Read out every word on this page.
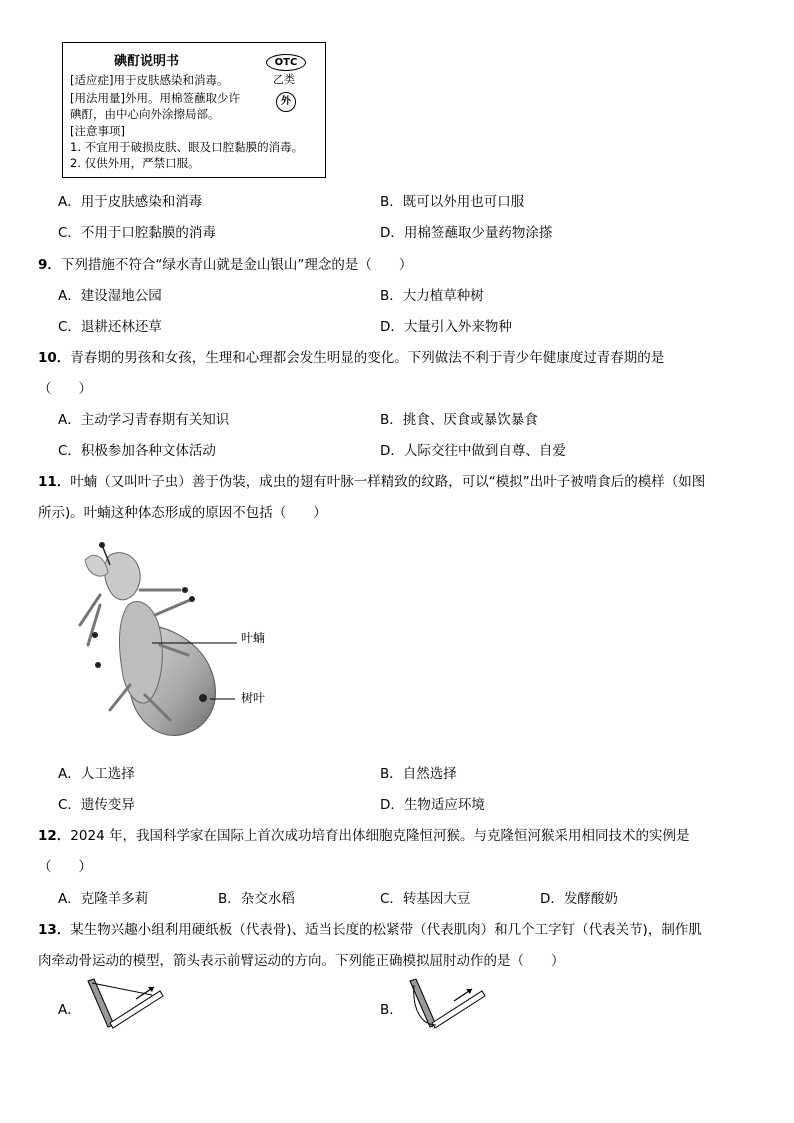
碘酊说明书	OTC
乙类
外
[适应症]用于皮肤感染和消毒。
[用法用量]外用。用棉签蘸取少许
碘酊，由中心向外涂擦局部。
[注意事项]
1. 不宜用于破损皮肤、眼及口腔黏膜的消毒。
2. 仅供外用，严禁口服。
A．用于皮肤感染和消毒	B．既可以外用也可口服
C．不用于口腔黏膜的消毒	D．用棉签蘸取少量药物涂搽
9．下列措施不符合“绿水青山就是金山银山”理念的是（　　）
A．建设湿地公园	B．大力植草种树
C．退耕还林还草	D．大量引入外来物种
10．青春期的男孩和女孩，生理和心理都会发生明显的变化。下列做法不利于青少年健康度过青春期的是
（　　）
A．主动学习青春期有关知识	B．挑食、厌食或暴饮暴食
C．积极参加各种文体活动	D．人际交往中做到自尊、自爱
11．叶蝻（又叫叶子虫）善于伪装，成虫的翅有叶脉一样精致的纹路，可以“模拟”出叶子被啃食后的模样（如图
所示)。叶蝻这种体态形成的原因不包括（　　）
叶蝻
树叶
A．人工选择	B．自然选择
C．遗传变异	D．生物适应环境
12．2024 年，我国科学家在国际上首次成功培育出体细胞克隆恒河猴。与克隆恒河猴采用相同技术的实例是
（　　）
A．克隆羊多莉	B．杂交水稻	C．转基因大豆	D．发酵酸奶
13．某生物兴趣小组利用硬纸板（代表骨)、适当长度的松紧带（代表肌肉）和几个工字钉（代表关节)，制作肌
肉牵动骨运动的模型，箭头表示前臂运动的方向。下列能正确模拟屈肘动作的是（　　）
A．	B．
